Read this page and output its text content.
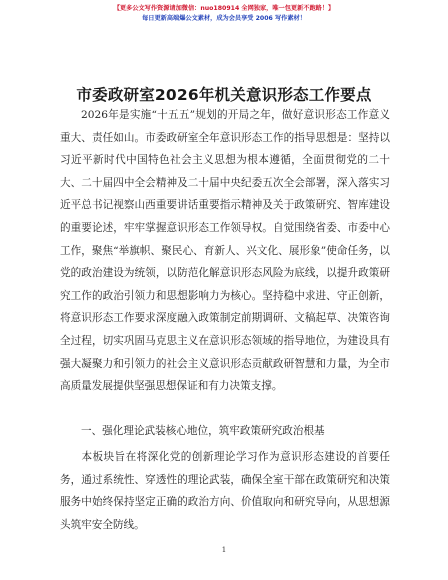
【更多公文写作资源请加微信：nuo180914 全网独家，唯一包更新不跑路！】
每日更新高端爆公文素材，成为会员享受 2006 写作素材！
市委政研室2026年机关意识形态工作要点
2026年是实施“十五五”规划的开局之年，做好意识形态工作意义重大、责任如山。市委政研室全年意识形态工作的指导思想是：坚持以习近平新时代中国特色社会主义思想为根本遵循，全面贯彻党的二十大、二十届四中全会精神及二十届中央纪委五次全会部署，深入落实习近平总书记视察山西重要讲话重要指示精神及关于政策研究、智库建设的重要论述，牢牢掌握意识形态工作领导权。自觉围绕省委、市委中心工作，聚焦“举旗帜、聚民心、育新人、兴文化、展形象”使命任务，以党的政治建设为统领，以防范化解意识形态风险为底线，以提升政策研究工作的政治引领力和思想影响力为核心。坚持稳中求进、守正创新，将意识形态工作要求深度融入政策制定前期调研、文稿起草、决策咨询全过程，切实巩固马克思主义在意识形态领域的指导地位，为建设具有强大凝聚力和引领力的社会主义意识形态贡献政研智慧和力量，为全市高质量发展提供坚强思想保证和有力决策支撑。
一、强化理论武装核心地位，筑牢政策研究政治根基
本板块旨在将深化党的创新理论学习作为意识形态建设的首要任务，通过系统性、穿透性的理论武装，确保全室干部在政策研究和决策服务中始终保持坚定正确的政治方向、价值取向和研究导向，从思想源头筑牢安全防线。
1
